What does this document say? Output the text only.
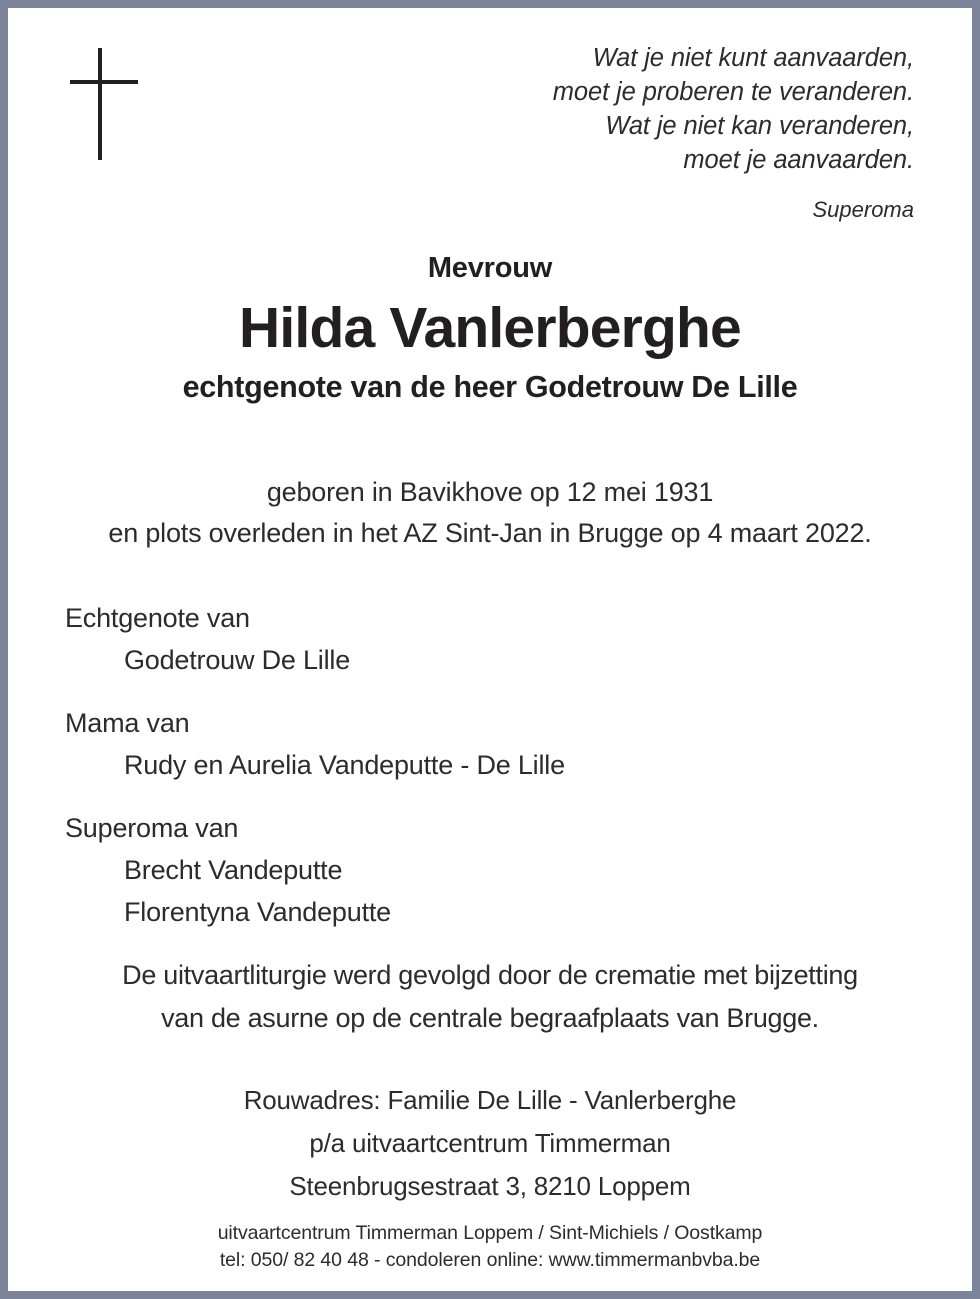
Wat je niet kunt aanvaarden,
moet je proberen te veranderen.
Wat je niet kan veranderen,
moet je aanvaarden.
Superoma
Mevrouw
Hilda Vanlerberghe
echtgenote van de heer Godetrouw De Lille
geboren in Bavikhove op 12 mei 1931
en plots overleden in het AZ Sint-Jan in Brugge op 4 maart 2022.
Echtgenote van
Godetrouw De Lille
Mama van
Rudy en Aurelia Vandeputte - De Lille
Superoma van
Brecht Vandeputte
Florentyna Vandeputte
De uitvaartliturgie werd gevolgd door de crematie met bijzetting
van de asurne op de centrale begraafplaats van Brugge.
Rouwadres: Familie De Lille - Vanlerberghe
p/a uitvaartcentrum Timmerman
Steenbrugsestraat 3, 8210 Loppem
uitvaartcentrum Timmerman Loppem / Sint-Michiels / Oostkamp
tel: 050/ 82 40 48 - condoleren online: www.timmermanbvba.be
